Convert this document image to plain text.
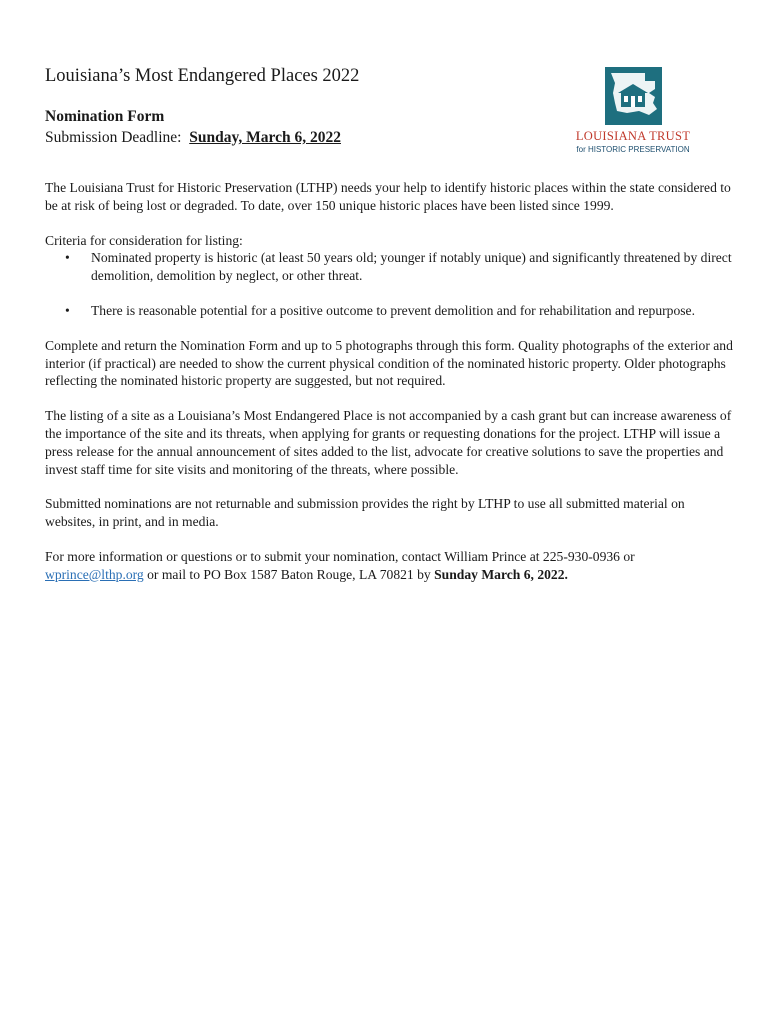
LOUISIANA TRUST
for HISTORIC PRESERVATION
Louisiana’s Most Endangered Places 2022
Nomination Form
Submission Deadline: Sunday, March 6, 2022

The Louisiana Trust for Historic Preservation (LTHP) needs your help to identify historic places within the state considered to be at risk of being lost or degraded. To date, over 150 unique historic places have been listed since 1999.

Criteria for consideration for listing:

• Nominated property is historic (at least 50 years old; younger if notably unique) and significantly threatened by direct demolition, demolition by neglect, or other threat.
• There is reasonable potential for a positive outcome to prevent demolition and for rehabilitation and repurpose.

Complete and return the Nomination Form and up to 5 photographs through this form. Quality photographs of the exterior and interior (if practical) are needed to show the current physical condition of the nominated historic property. Older photographs reflecting the nominated historic property are suggested, but not required.

The listing of a site as a Louisiana’s Most Endangered Place is not accompanied by a cash grant but can increase awareness of the importance of the site and its threats, when applying for grants or requesting donations for the project. LTHP will issue a press release for the annual announcement of sites added to the list, advocate for creative solutions to save the properties and invest staff time for site visits and monitoring of the threats, where possible.

Submitted nominations are not returnable and submission provides the right by LTHP to use all submitted material on websites, in print, and in media.

For more information or questions or to submit your nomination, contact William Prince at 225-930-0936 or wprince@lthp.org or mail to PO Box 1587 Baton Rouge, LA 70821 by Sunday March 6, 2022.
